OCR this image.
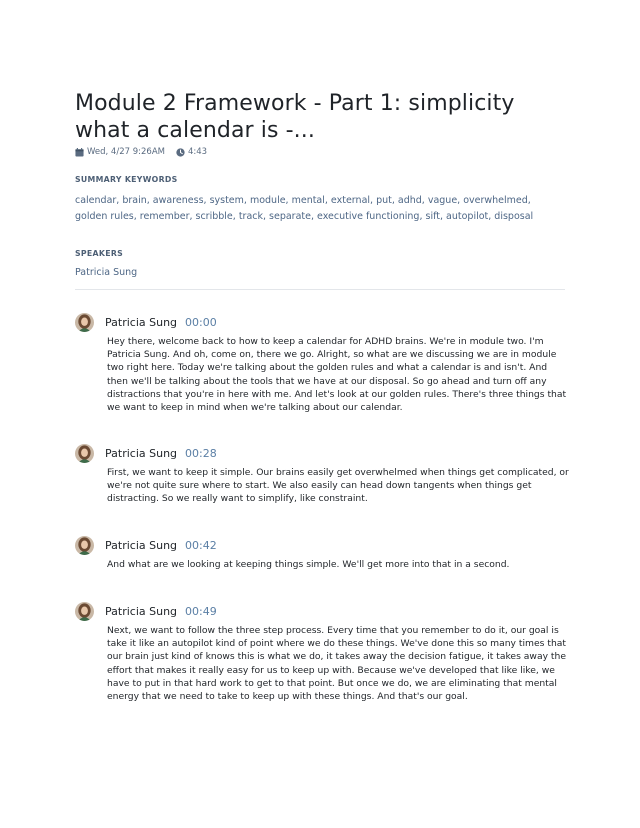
Module 2 Framework - Part 1: simplicity what a calendar is -...
Wed, 4/27 9:26AM	4:43

SUMMARY KEYWORDS

calendar, brain, awareness, system, module, mental, external, put, adhd, vague, overwhelmed, golden rules, remember, scribble, track, separate, executive functioning, sift, autopilot, disposal

SPEAKERS

Patricia Sung
Patricia Sung 00:00
Hey there, welcome back to how to keep a calendar for ADHD brains. We're in module two. I'm Patricia Sung. And oh, come on, there we go. Alright, so what are we discussing we are in module two right here. Today we're talking about the golden rules and what a calendar is and isn't. And then we'll be talking about the tools that we have at our disposal. So go ahead and turn off any distractions that you're in here with me. And let's look at our golden rules. There's three things that we want to keep in mind when we're talking about our calendar.
Patricia Sung 00:28
First, we want to keep it simple. Our brains easily get overwhelmed when things get complicated, or we're not quite sure where to start. We also easily can head down tangents when things get distracting. So we really want to simplify, like constraint.
Patricia Sung 00:42
And what are we looking at keeping things simple. We'll get more into that in a second.
Patricia Sung 00:49
Next, we want to follow the three step process. Every time that you remember to do it, our goal is take it like an autopilot kind of point where we do these things. We've done this so many times that our brain just kind of knows this is what we do, it takes away the decision fatigue, it takes away the effort that makes it really easy for us to keep up with. Because we've developed that like like, we have to put in that hard work to get to that point. But once we do, we are eliminating that mental energy that we need to take to keep up with these things. And that's our goal.
